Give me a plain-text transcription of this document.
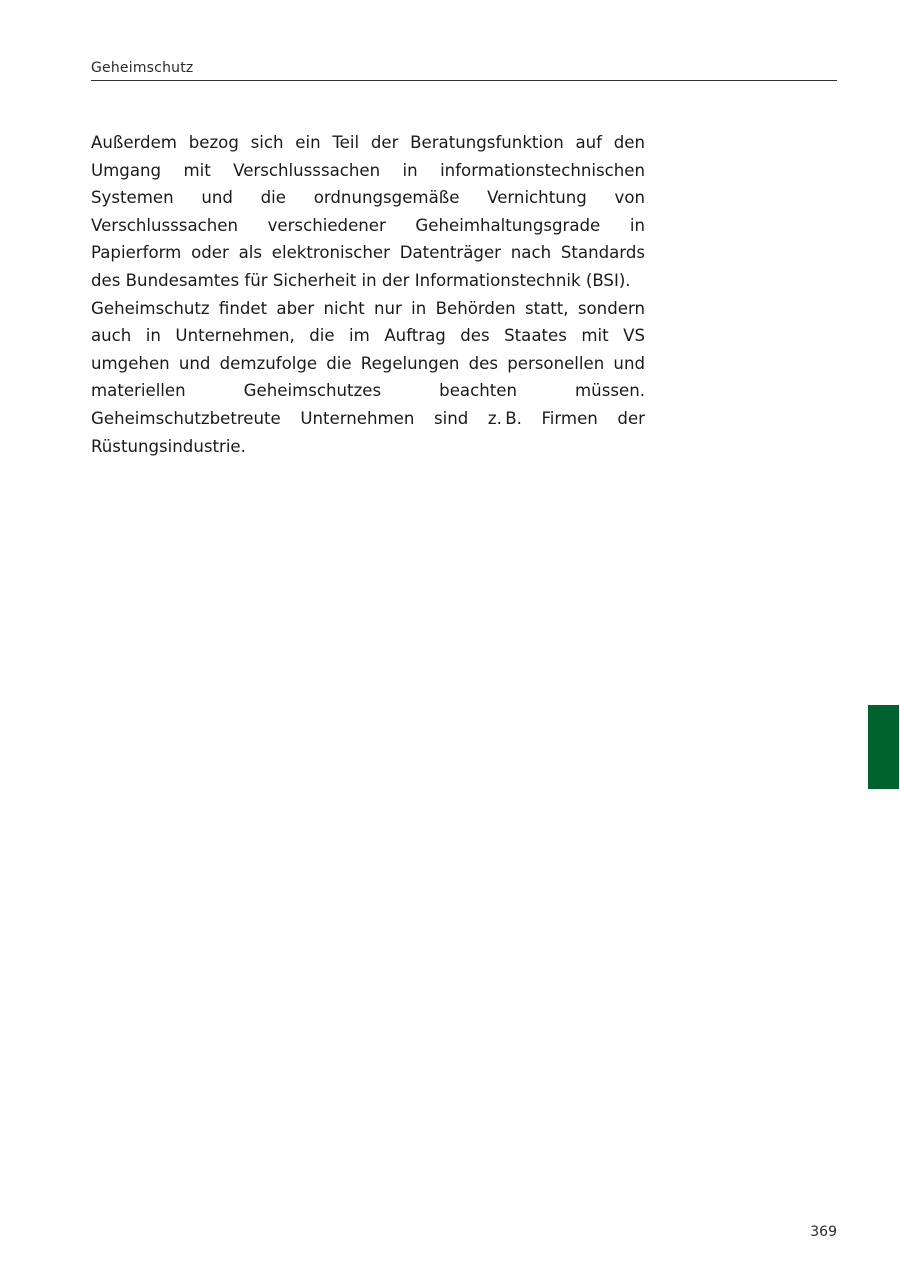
Geheimschutz

Außerdem bezog sich ein Teil der Beratungsfunktion auf den Umgang mit Verschlusssachen in informationstechnischen Systemen und die ordnungsgemäße Vernichtung von Verschlusssachen verschiedener Geheimhaltungsgrade in Papierform oder als elektronischer Datenträger nach Standards des Bundesamtes für Sicherheit in der Informationstechnik (BSI).

Geheimschutz findet aber nicht nur in Behörden statt, sondern auch in Unternehmen, die im Auftrag des Staates mit VS umgehen und demzufolge die Regelungen des personellen und materiellen Geheimschutzes beachten müssen. Geheimschutzbetreute Unternehmen sind z. B. Firmen der Rüstungsindustrie.

369
